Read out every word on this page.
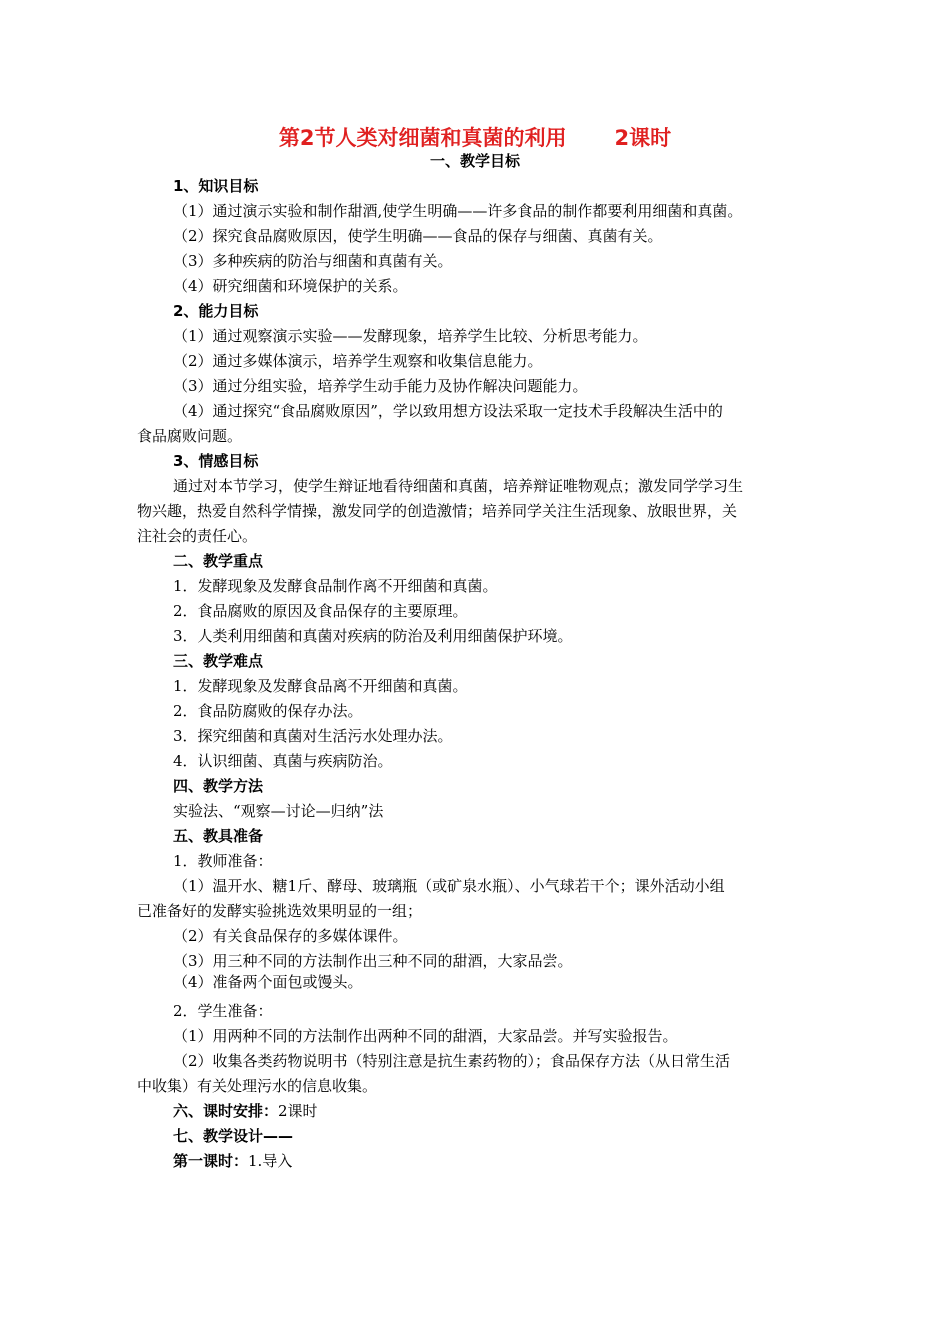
第2节人类对细菌和真菌的利用 2课时
一、教学目标
1、知识目标
（1）通过演示实验和制作甜酒,使学生明确——许多食品的制作都要利用细菌和真菌。
（2）探究食品腐败原因，使学生明确——食品的保存与细菌、真菌有关。
（3）多种疾病的防治与细菌和真菌有关。
（4）研究细菌和环境保护的关系。
2、能力目标
（1）通过观察演示实验——发酵现象，培养学生比较、分析思考能力。
（2）通过多媒体演示，培养学生观察和收集信息能力。
（3）通过分组实验，培养学生动手能力及协作解决问题能力。
（4）通过探究“食品腐败原因”，学以致用想方设法采取一定技术手段解决生活中的
食品腐败问题。
3、情感目标
通过对本节学习，使学生辩证地看待细菌和真菌，培养辩证唯物观点；激发同学学习生
物兴趣，热爱自然科学情操，激发同学的创造激情；培养同学关注生活现象、放眼世界，关
注社会的责任心。
二、教学重点
1．发酵现象及发酵食品制作离不开细菌和真菌。
2．食品腐败的原因及食品保存的主要原理。
3．人类利用细菌和真菌对疾病的防治及利用细菌保护环境。
三、教学难点
1．发酵现象及发酵食品离不开细菌和真菌。
2．食品防腐败的保存办法。
3．探究细菌和真菌对生活污水处理办法。
4．认识细菌、真菌与疾病防治。
四、教学方法
实验法、“观察—讨论—归纳”法
五、教具准备
1．教师准备：
（1）温开水、糖1斤、酵母、玻璃瓶（或矿泉水瓶）、小气球若干个；课外活动小组
已准备好的发酵实验挑选效果明显的一组；
（2）有关食品保存的多媒体课件。
（3）用三种不同的方法制作出三种不同的甜酒，大家品尝。
（4）准备两个面包或馒头。
2．学生准备：
（1）用两种不同的方法制作出两种不同的甜酒，大家品尝。并写实验报告。
（2）收集各类药物说明书（特别注意是抗生素药物的）；食品保存方法（从日常生活
中收集）有关处理污水的信息收集。
六、课时安排：2课时
七、教学设计——
第一课时：1.导入
